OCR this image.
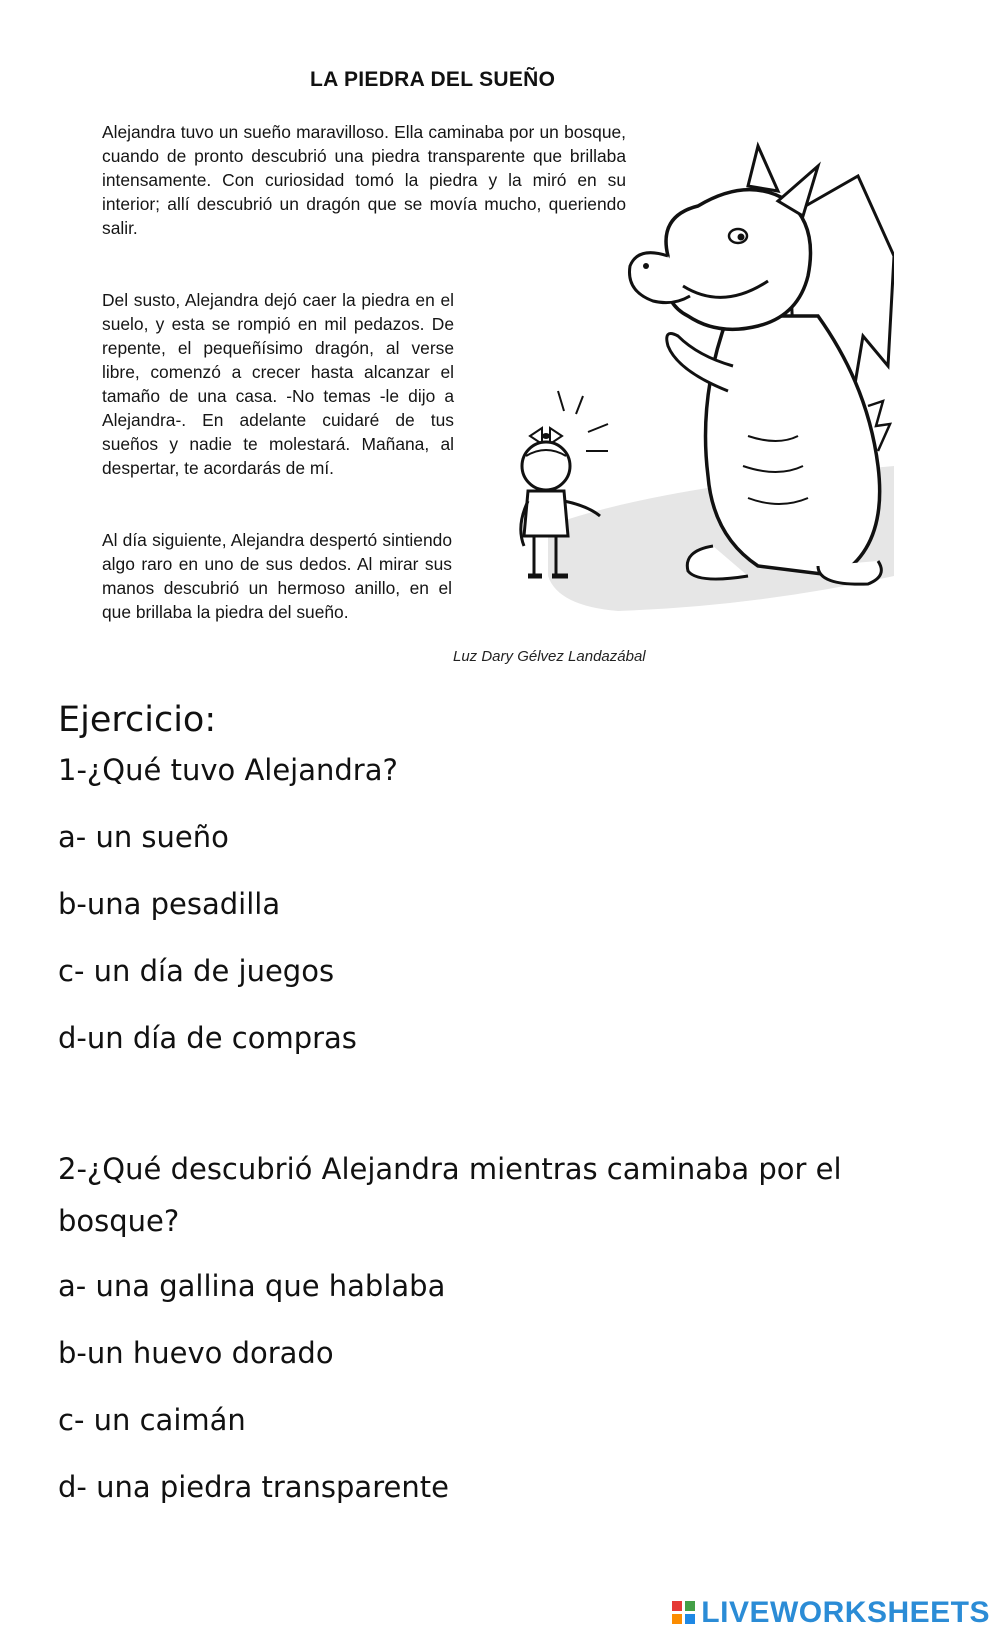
LA PIEDRA DEL SUEÑO
Alejandra tuvo un sueño maravilloso. Ella caminaba por un bosque, cuando de pronto descubrió una piedra transparente que brillaba intensamente. Con curiosidad tomó la piedra y la miró en su interior; allí descubrió un dragón que se movía mucho, queriendo salir.
Del susto, Alejandra dejó caer la piedra en el suelo, y esta se rompió en mil pedazos. De repente, el pequeñísimo dragón, al verse libre, comenzó a crecer hasta alcanzar el tamaño de una casa. -No temas -le dijo a Alejandra-. En adelante cuidaré de tus sueños y nadie te molestará. Mañana, al despertar, te acordarás de mí.
Al día siguiente, Alejandra despertó sintiendo algo raro en uno de sus dedos. Al mirar sus manos descubrió un hermoso anillo, en el que brillaba la piedra del sueño.
Luz Dary Gélvez Landazábal
Ejercicio:
1-¿Qué tuvo Alejandra?
a- un sueño
b-una pesadilla
c- un día de juegos
d-un día de compras
2-¿Qué descubrió Alejandra mientras caminaba por el bosque?
a- una gallina que hablaba
b-un huevo dorado
c- un caimán
d- una piedra transparente
LIVEWORKSHEETS
